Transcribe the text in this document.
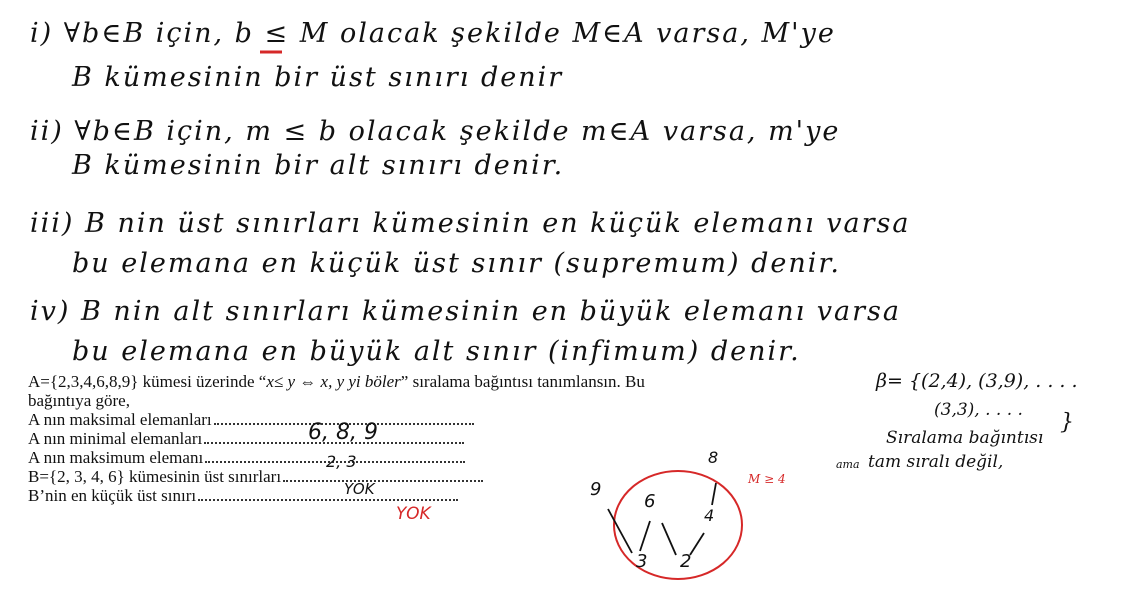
i) ∀b∈B için, b ≤ M olacak şekilde M∈A varsa, M'ye
B kümesinin bir üst sınırı denir
ii) ∀b∈B için, m ≤ b olacak şekilde m∈A varsa, m'ye
B kümesinin bir alt sınırı denir.
iii) B nin üst sınırları kümesinin en küçük elemanı varsa
bu elemana en küçük üst sınır (supremum) denir.
iv) B nin alt sınırları kümesinin en büyük elemanı varsa
bu elemana en büyük alt sınır (infimum) denir.
A={2,3,4,6,8,9} kümesi üzerinde “x≤ y ⇔ x, y yi böler” sıralama bağıntısı tanımlansın. Bu
bağıntıya göre,
A nın maksimal elemanları
A nın minimal elemanları
A nın maksimum elemanı
B={2, 3, 4, 6} kümesinin üst sınırları
B’nin en küçük üst sınırı
6, 8, 9
2, 3
YOK
YOK
β= {(2,4), (3,9), . . . .
(3,3), . . . . }
Sıralama bağıntısı
ama tam sıralı değil,
M ≥ 4
9
6
8
4
3 2
